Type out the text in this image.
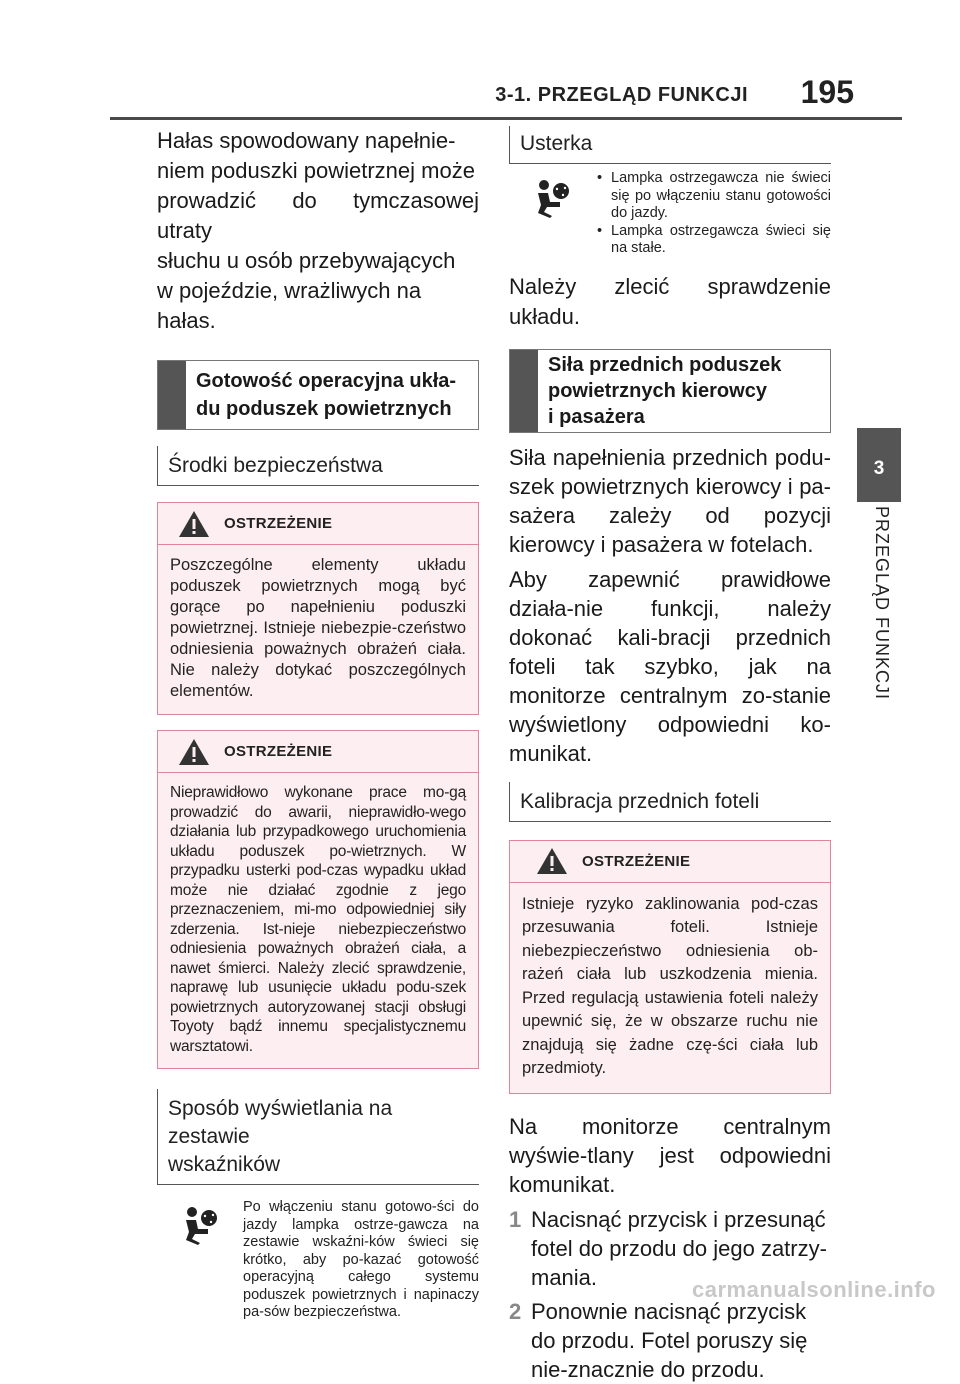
3-1. PRZEGLĄD FUNKCJI 195
3
PRZEGLĄD FUNKCJI
Hałas spowodowany napełnie-
niem poduszki powietrznej może
prowadzić do tymczasowej utraty
słuchu u osób przebywających
w pojeździe, wrażliwych na hałas.
Gotowość operacyjna ukła-
du poduszek powietrznych
Środki bezpieczeństwa
OSTRZEŻENIE
Poszczególne elementy układu poduszek powietrznych mogą być gorące po napełnieniu poduszki powietrznej. Istnieje niebezpie-czeństwo odniesienia poważnych obrażeń ciała. Nie należy dotykać poszczególnych elementów.
OSTRZEŻENIE
Nieprawidłowo wykonane prace mo-gą prowadzić do awarii, nieprawidło-wego działania lub przypadkowego uruchomienia układu poduszek po-wietrznych. W przypadku usterki pod-czas wypadku układ może nie działać zgodnie z jego przeznaczeniem, mi-mo odpowiedniej siły zderzenia. Ist-nieje niebezpieczeństwo odniesienia poważnych obrażeń ciała, a nawet śmierci. Należy zlecić sprawdzenie, naprawę lub usunięcie układu podu-szek powietrznych autoryzowanej stacji obsługi Toyoty bądź innemu specjalistycznemu warsztatowi.
Sposób wyświetlania na zestawie
wskaźników
Po włączeniu stanu gotowo-ści do jazdy lampka ostrze-gawcza na zestawie wskaźni-ków świeci się krótko, aby po-kazać gotowość operacyjną całego systemu poduszek powietrznych i napinaczy pa-sów bezpieczeństwa.
Usterka
• Lampka ostrzegawcza nie świeci się po włączeniu stanu gotowości do jazdy.
• Lampka ostrzegawcza świeci się na stałe.
Należy zlecić sprawdzenie układu.
Siła przednich poduszek
powietrznych kierowcy
i pasażera
Siła napełnienia przednich podu-szek powietrznych kierowcy i pa-sażera zależy od pozycji kierowcy i pasażera w fotelach.
Aby zapewnić prawidłowe działa-nie funkcji, należy dokonać kali-bracji przednich foteli tak szybko, jak na monitorze centralnym zo-stanie wyświetlony odpowiedni ko-munikat.
Kalibracja przednich foteli
OSTRZEŻENIE
Istnieje ryzyko zaklinowania pod-czas przesuwania foteli. Istnieje niebezpieczeństwo odniesienia ob-rażeń ciała lub uszkodzenia mienia. Przed regulacją ustawienia foteli należy upewnić się, że w obszarze ruchu nie znajdują się żadne czę-ści ciała lub przedmioty.
Na monitorze centralnym wyświe-tlany jest odpowiedni komunikat.
1 Nacisnąć przycisk i przesunąć fotel do przodu do jego zatrzy-mania.
2 Ponownie nacisnąć przycisk do przodu. Fotel poruszy się nie-znacznie do przodu.
carmanualsonline.info
